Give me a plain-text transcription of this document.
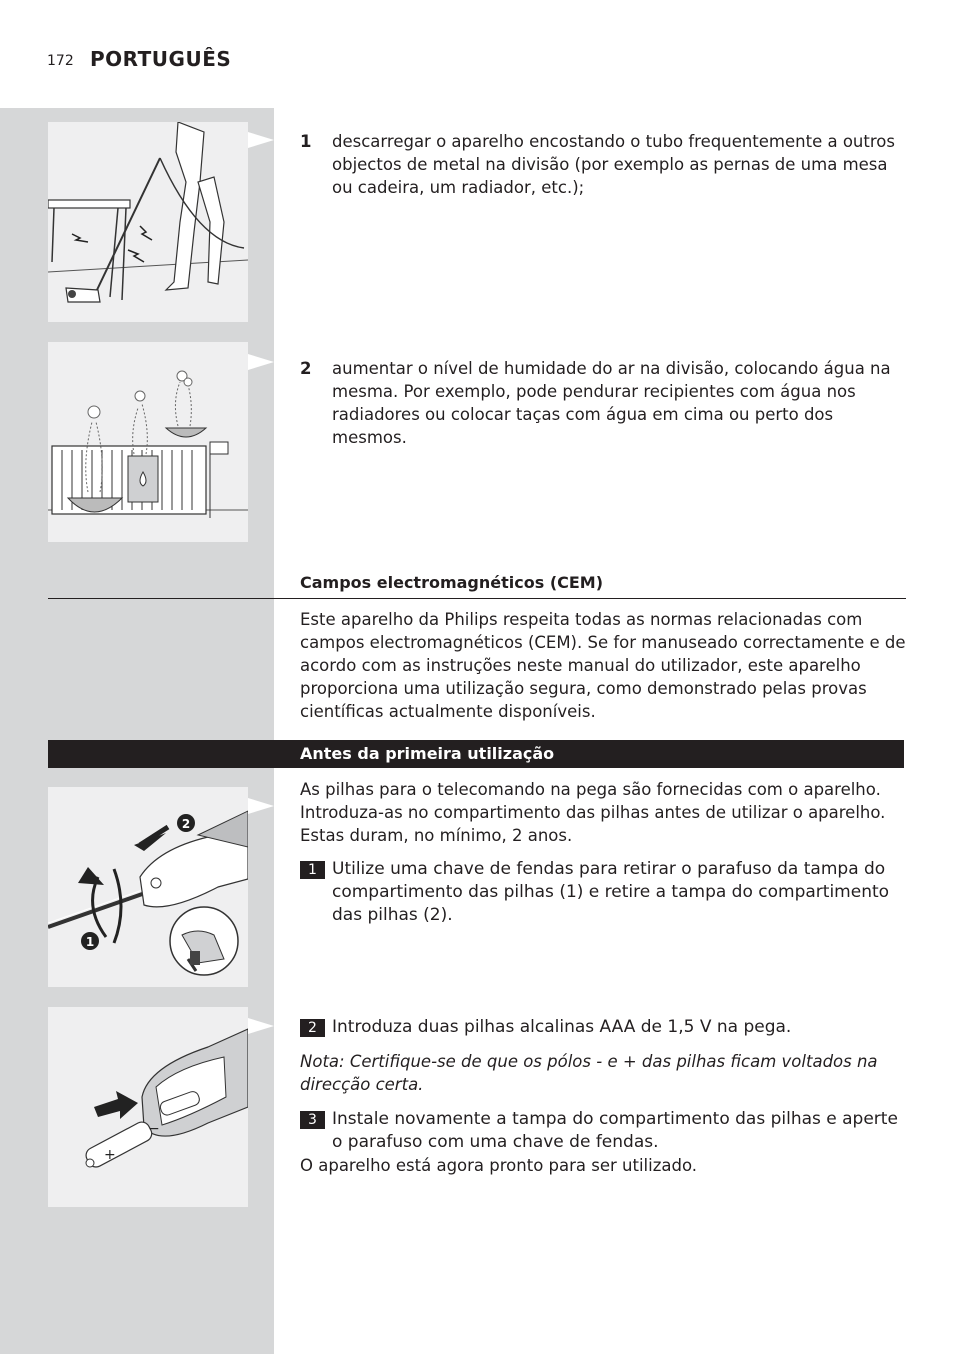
172 PORTUGUÊS
1	descarregar o aparelho encostando o tubo frequentemente a outros objectos de metal na divisão (por exemplo as pernas de uma mesa ou cadeira, um radiador, etc.);
2	aumentar o nível de humidade do ar na divisão, colocando água na mesma. Por exemplo, pode pendurar recipientes com água nos radiadores ou colocar taças com água em cima ou perto dos mesmos.
Campos electromagnéticos (CEM)
Este aparelho da Philips respeita todas as normas relacionadas com campos electromagnéticos (CEM). Se for manuseado correctamente e de acordo com as instruções neste manual do utilizador, este aparelho proporciona uma utilização segura, como demonstrado pelas provas científicas actualmente disponíveis.
Antes da primeira utilização
As pilhas para o telecomando na pega são fornecidas com o aparelho. Introduza-as no compartimento das pilhas antes de utilizar o aparelho. Estas duram, no mínimo, 2 anos.
2
1
1 Utilize uma chave de fendas para retirar o parafuso da tampa do compartimento das pilhas (1) e retire a tampa do compartimento das pilhas (2).
+
−
2 Introduza duas pilhas alcalinas AAA de 1,5 V na pega.
Nota: Certifique-se de que os pólos - e + das pilhas ficam voltados na direcção certa.
3 Instale novamente a tampa do compartimento das pilhas e aperte o parafuso com uma chave de fendas.
O aparelho está agora pronto para ser utilizado.
